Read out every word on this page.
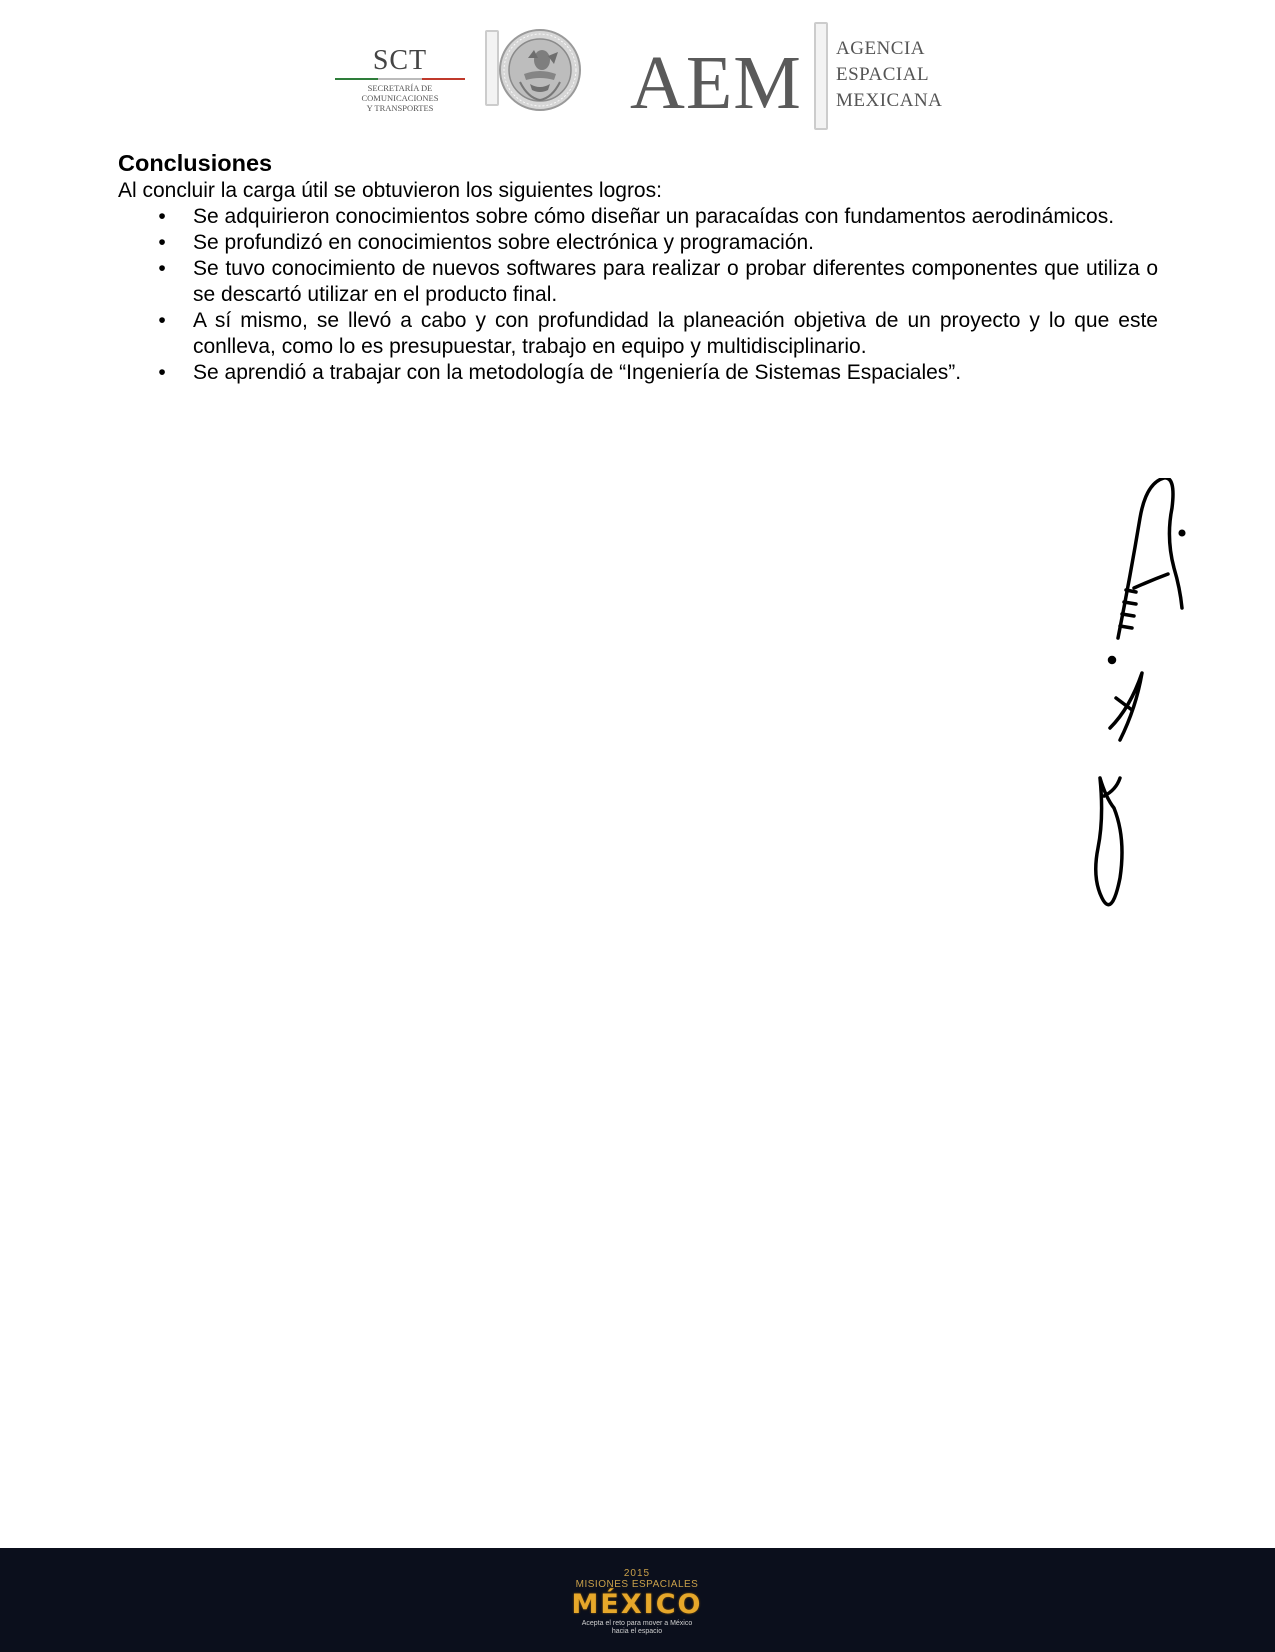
SCT
SECRETARÍA DE
COMUNICACIONES
Y TRANSPORTES	AEM AGENCIA
ESPACIAL
MEXICANA
Conclusiones

Al concluir la carga útil se obtuvieron los siguientes logros:

• Se adquirieron conocimientos sobre cómo diseñar un paracaídas con fundamentos aerodinámicos.
• Se profundizó en conocimientos sobre electrónica y programación.
• Se tuvo conocimiento de nuevos softwares para realizar o probar diferentes componentes que utiliza o se descartó utilizar en el producto final.
• A sí mismo, se llevó a cabo y con profundidad la planeación objetiva de un proyecto y lo que este conlleva, como lo es presupuestar, trabajo en equipo y multidisciplinario.
• Se aprendió a trabajar con la metodología de “Ingeniería de Sistemas Espaciales”.
2015
MISIONES ESPACIALES
MÉXICO
Acepta el reto para mover a México
hacia el espacio
